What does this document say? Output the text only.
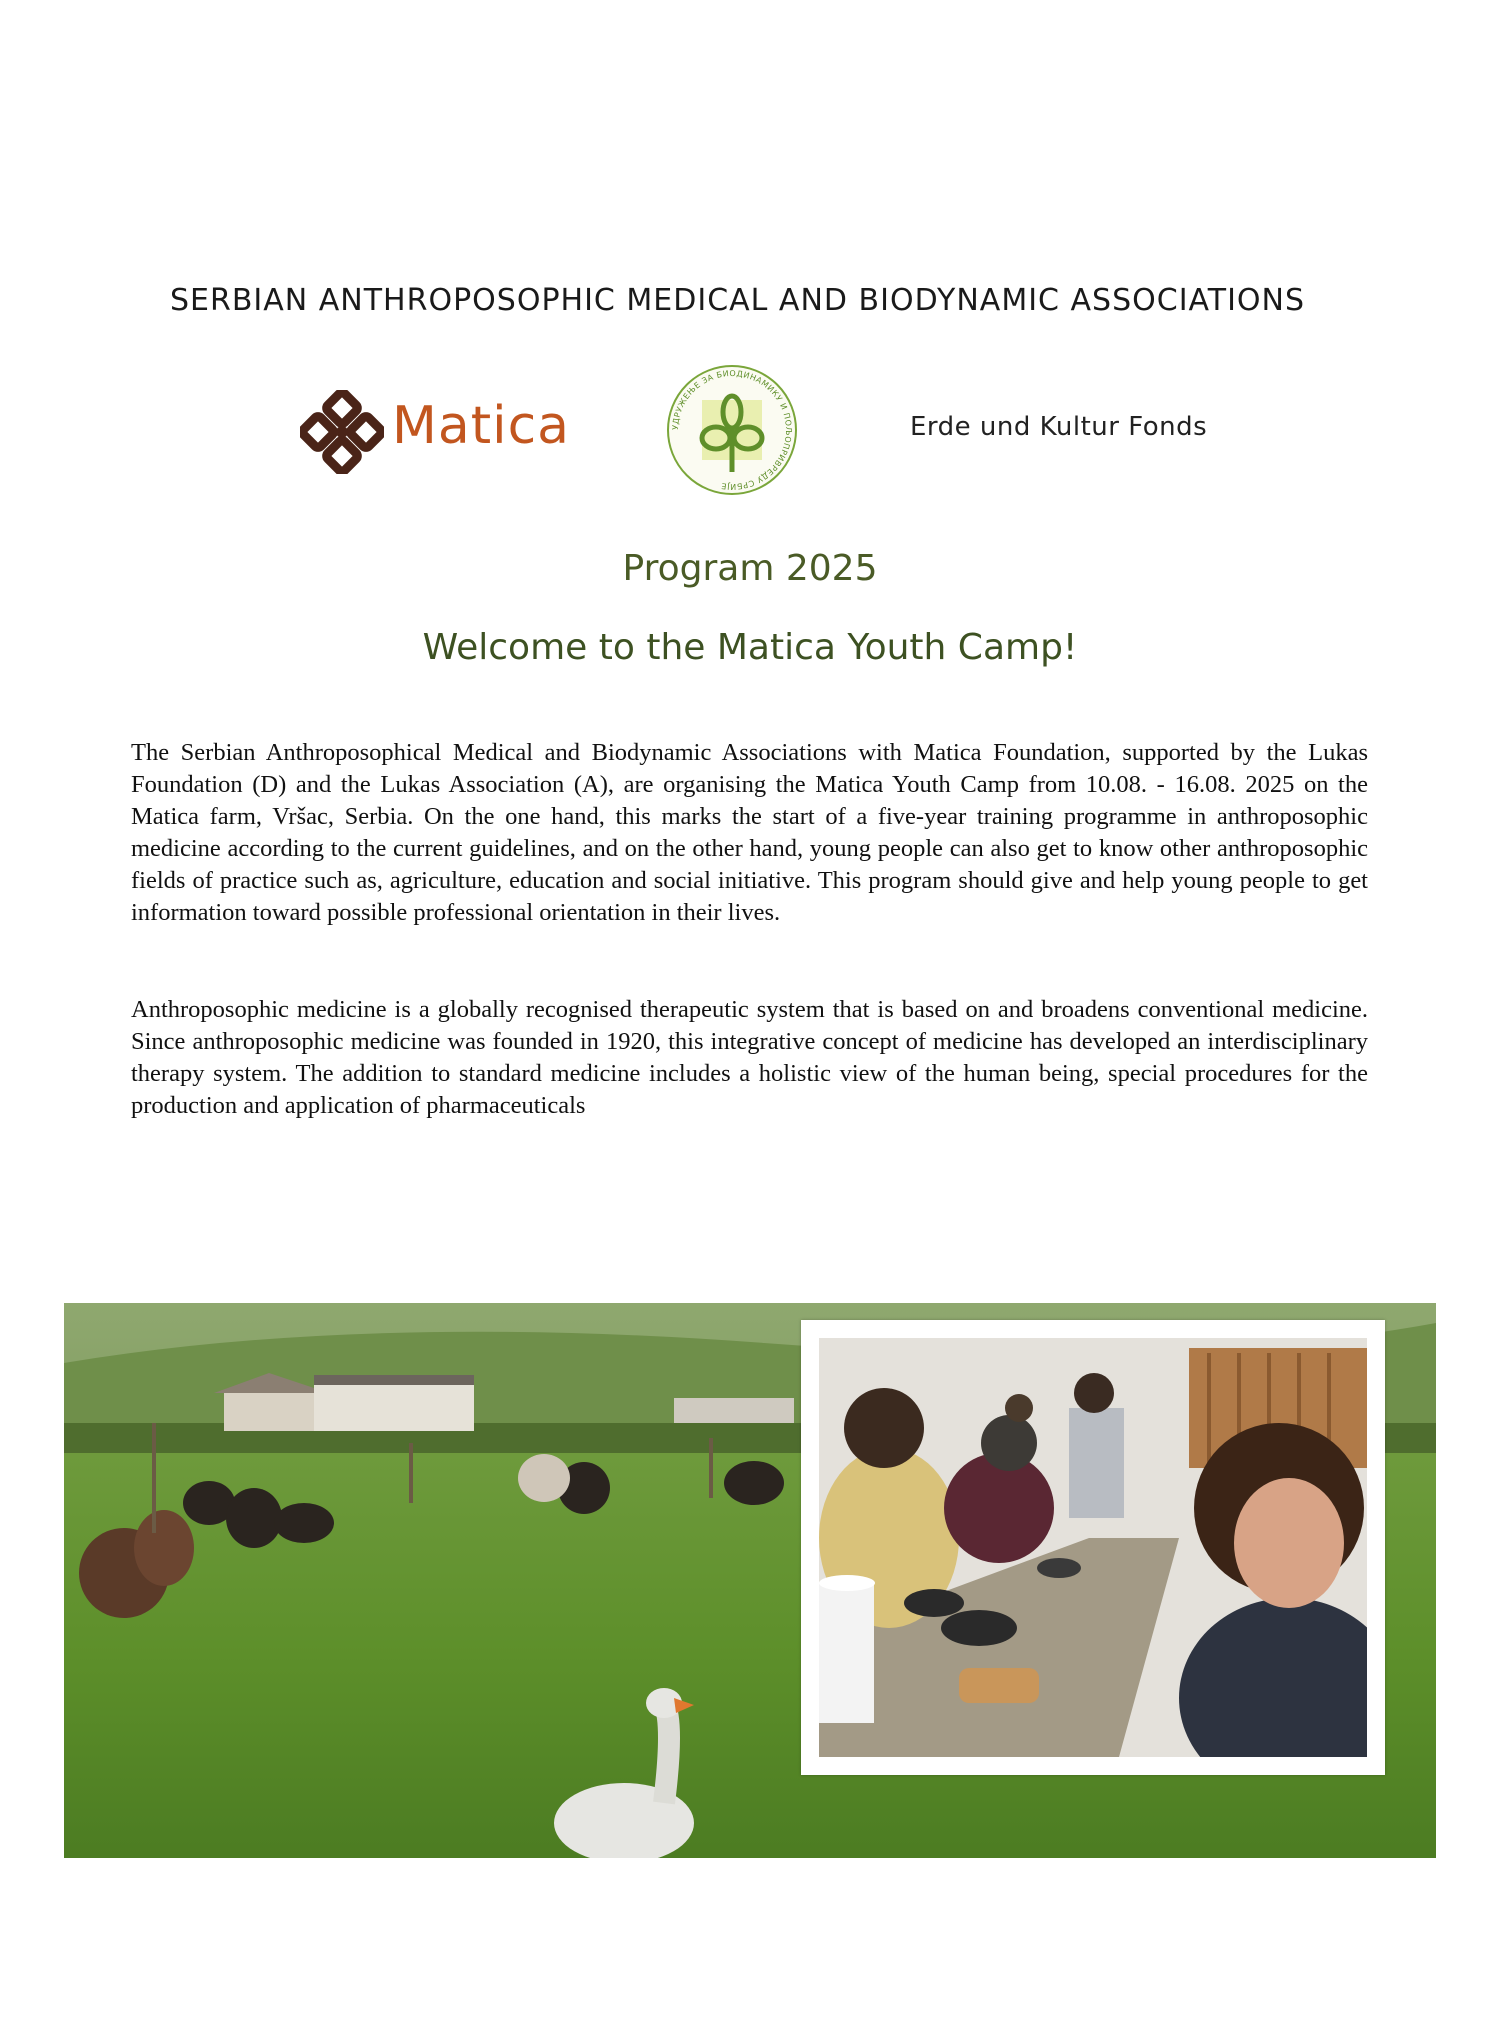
SERBIAN ANTHROPOSOPHIC MEDICAL AND BIODYNAMIC ASSOCIATIONS
Matica	УДРУЖЕЊЕ ЗА БИОДИНАМИКУ И ПОЉОПРИВРЕДУ СРБИЈЕ
Erde und Kultur Fonds
Program 2025
Welcome to the Matica Youth Camp!

The Serbian Anthroposophical Medical and Biodynamic Associations with Matica Foundation, supported by the Lukas Foundation (D) and the Lukas Association (A), are organising the Matica Youth Camp from 10.08. - 16.08. 2025 on the Matica farm, Vršac, Serbia. On the one hand, this marks the start of a five-year training programme in anthroposophic medicine according to the current guidelines, and on the other hand, young people can also get to know other anthroposophic fields of practice such as, agriculture, education and social initiative. This program should give and help young people to get information toward possible professional orientation in their lives.

Anthroposophic medicine is a globally recognised therapeutic system that is based on and broadens conventional medicine. Since anthroposophic medicine was founded in 1920, this integrative concept of medicine has developed an interdisciplinary therapy system. The addition to standard medicine includes a holistic view of the human being, special procedures for the production and application of pharmaceuticals
